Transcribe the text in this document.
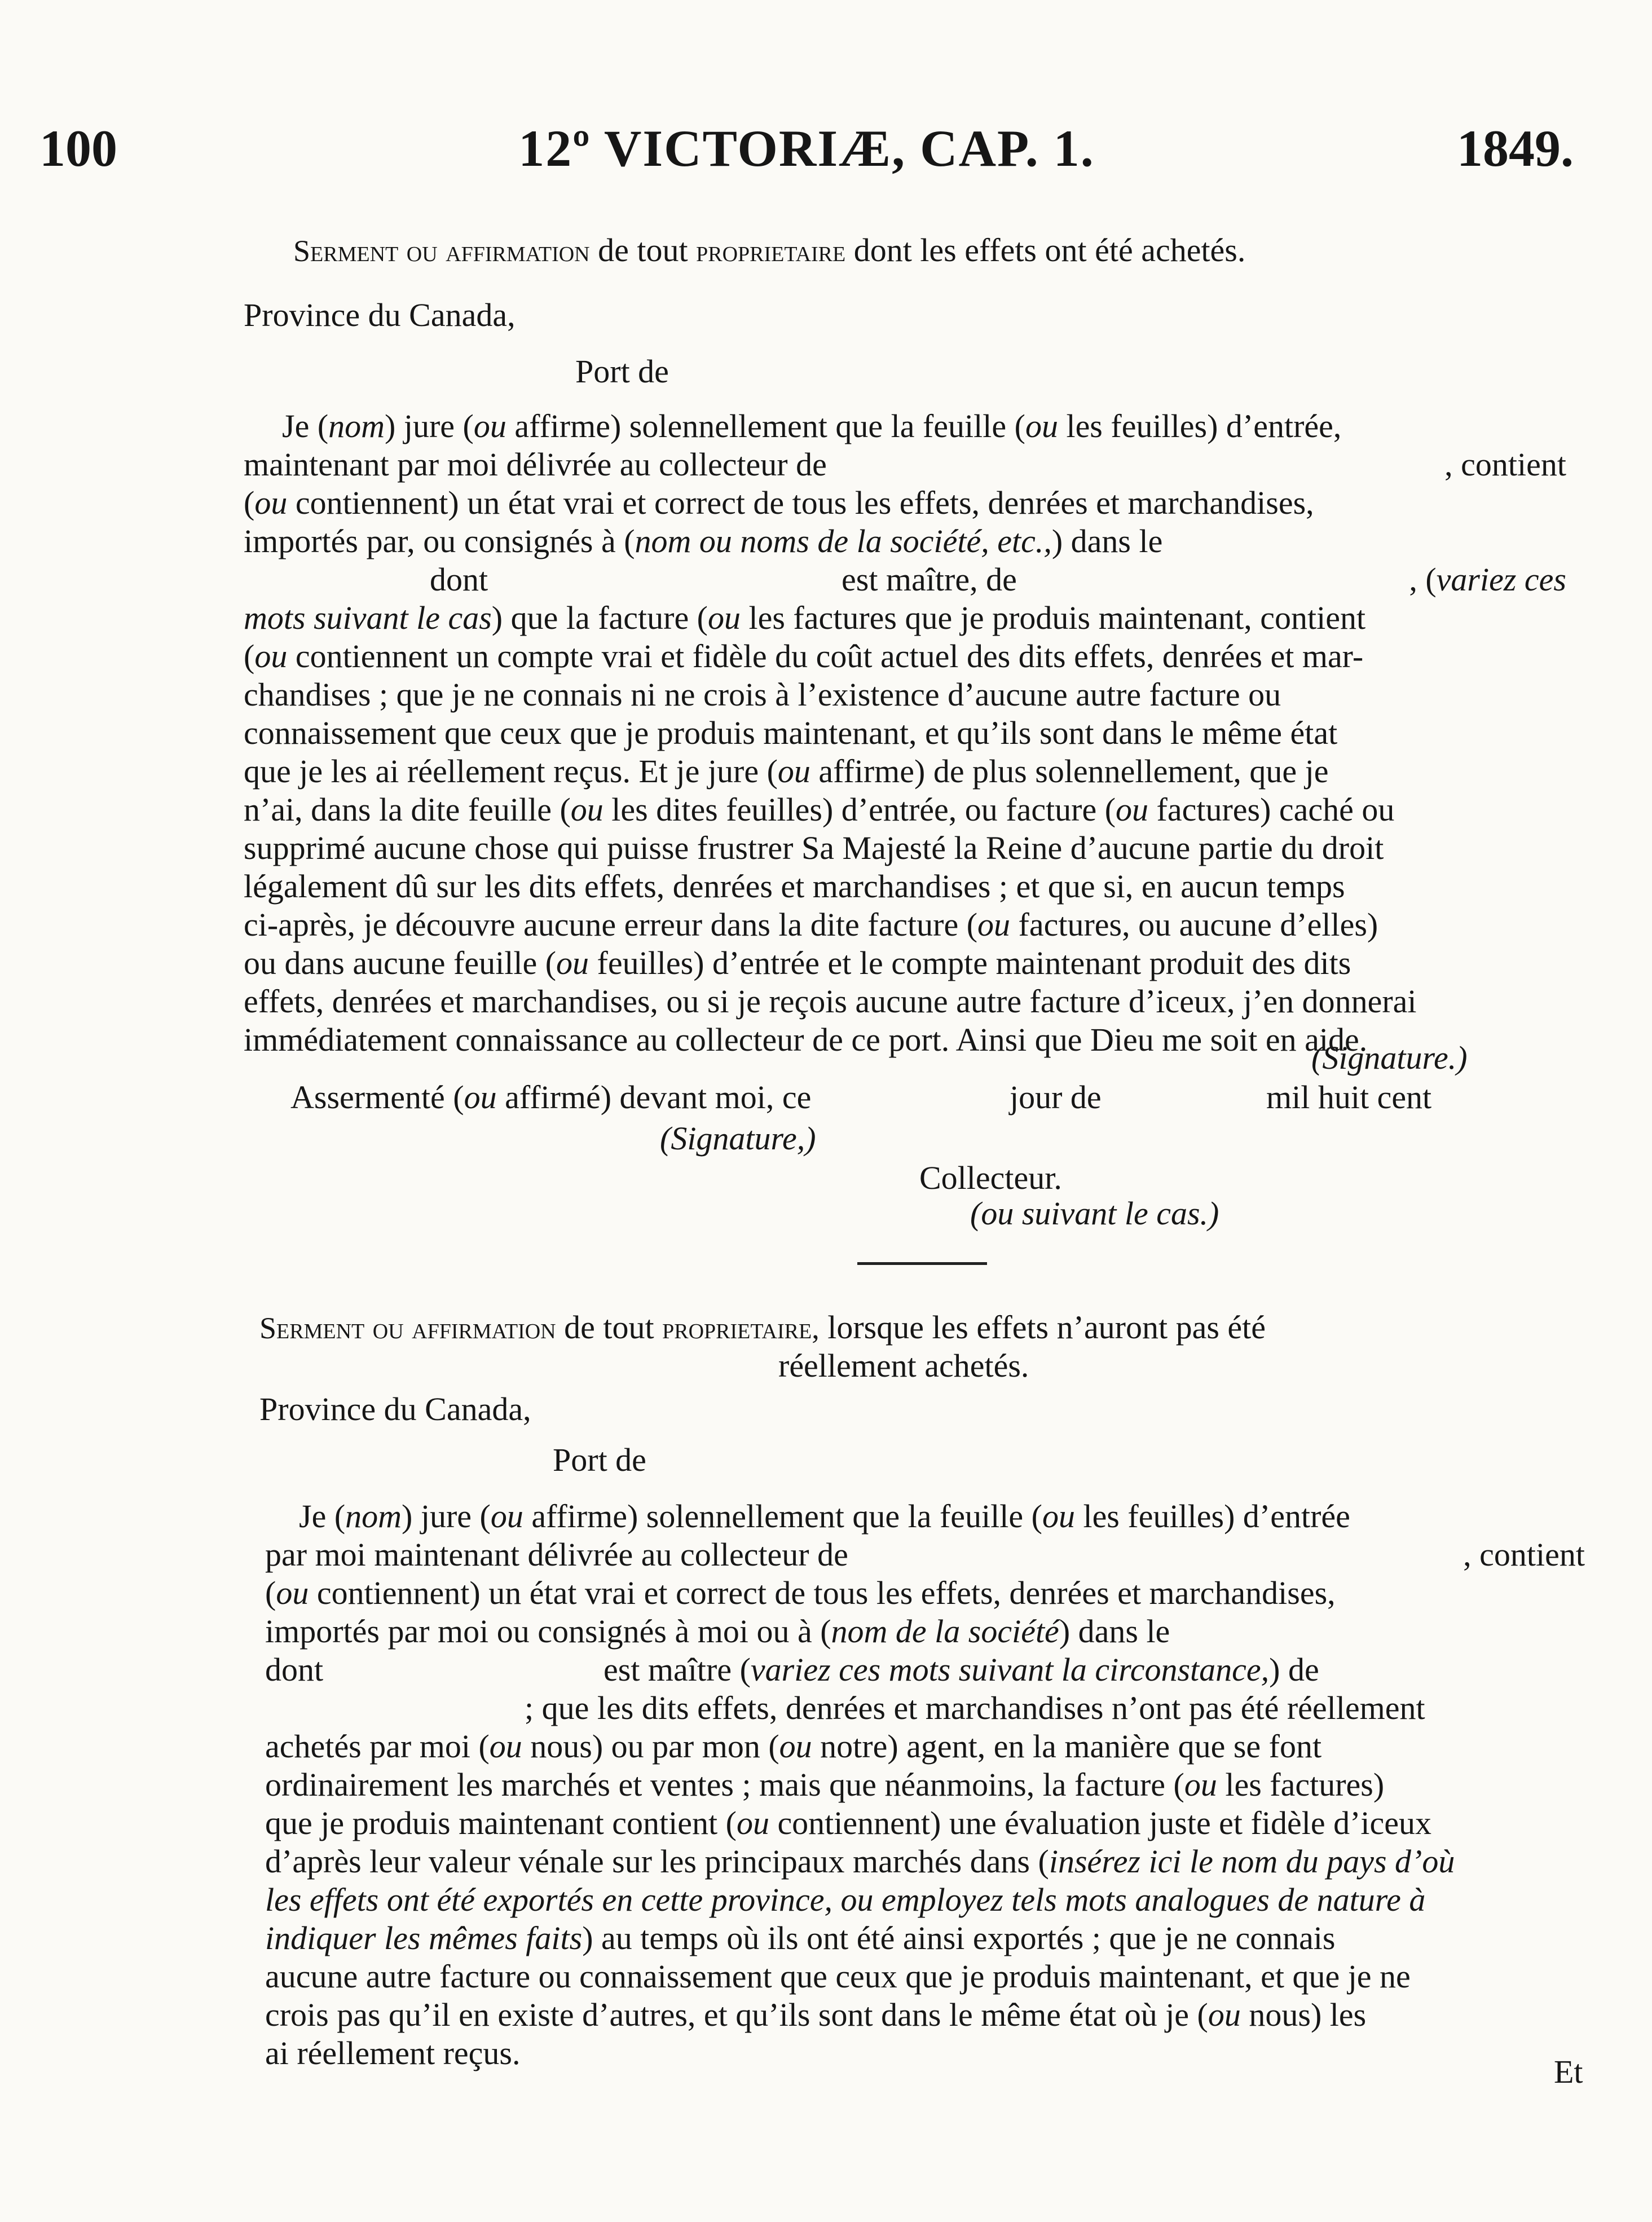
100	12º VICTORIÆ, CAP. 1.	1849.
Serment ou affirmation de tout proprietaire dont les effets ont été achetés.
Province du Canada,
Port de
Je (nom) jure (ou affirme) solennellement que la feuille (ou les feuilles) d’entrée,
maintenant par moi délivrée au collecteur de	, contient
(ou contiennent) un état vrai et correct de tous les effets, denrées et marchandises,
importés par, ou consignés à (nom ou noms de la société, etc.,) dans le
dont	est maître, de	, (variez ces
mots suivant le cas) que la facture (ou les factures que je produis maintenant, contient
(ou contiennent un compte vrai et fidèle du coût actuel des dits effets, denrées et mar-
chandises ; que je ne connais ni ne crois à l’existence d’aucune autre facture ou
connaissement que ceux que je produis maintenant, et qu’ils sont dans le même état
que je les ai réellement reçus. Et je jure (ou affirme) de plus solennellement, que je
n’ai, dans la dite feuille (ou les dites feuilles) d’entrée, ou facture (ou factures) caché ou
supprimé aucune chose qui puisse frustrer Sa Majesté la Reine d’aucune partie du droit
légalement dû sur les dits effets, denrées et marchandises ; et que si, en aucun temps
ci-après, je découvre aucune erreur dans la dite facture (ou factures, ou aucune d’elles)
ou dans aucune feuille (ou feuilles) d’entrée et le compte maintenant produit des dits
effets, denrées et marchandises, ou si je reçois aucune autre facture d’iceux, j’en donnerai
immédiatement connaissance au collecteur de ce port. Ainsi que Dieu me soit en aide.
(Signature.)
Assermenté (ou affirmé) devant moi, ce	jour de	mil huit cent
(Signature,)
Collecteur.
(ou suivant le cas.)
Serment ou affirmation de tout proprietaire, lorsque les effets n’auront pas été
réellement achetés.
Province du Canada,
Port de
Je (nom) jure (ou affirme) solennellement que la feuille (ou les feuilles) d’entrée
par moi maintenant délivrée au collecteur de	, contient
(ou contiennent) un état vrai et correct de tous les effets, denrées et marchandises,
importés par moi ou consignés à moi ou à (nom de la société) dans le
dont	est maître (variez ces mots suivant la circonstance,) de
; que les dits effets, denrées et marchandises n’ont pas été réellement
achetés par moi (ou nous) ou par mon (ou notre) agent, en la manière que se font
ordinairement les marchés et ventes ; mais que néanmoins, la facture (ou les factures)
que je produis maintenant contient (ou contiennent) une évaluation juste et fidèle d’iceux
d’après leur valeur vénale sur les principaux marchés dans (insérez ici le nom du pays d’où
les effets ont été exportés en cette province, ou employez tels mots analogues de nature à
indiquer les mêmes faits) au temps où ils ont été ainsi exportés ; que je ne connais
aucune autre facture ou connaissement que ceux que je produis maintenant, et que je ne
crois pas qu’il en existe d’autres, et qu’ils sont dans le même état où je (ou nous) les
ai réellement reçus.
Et
